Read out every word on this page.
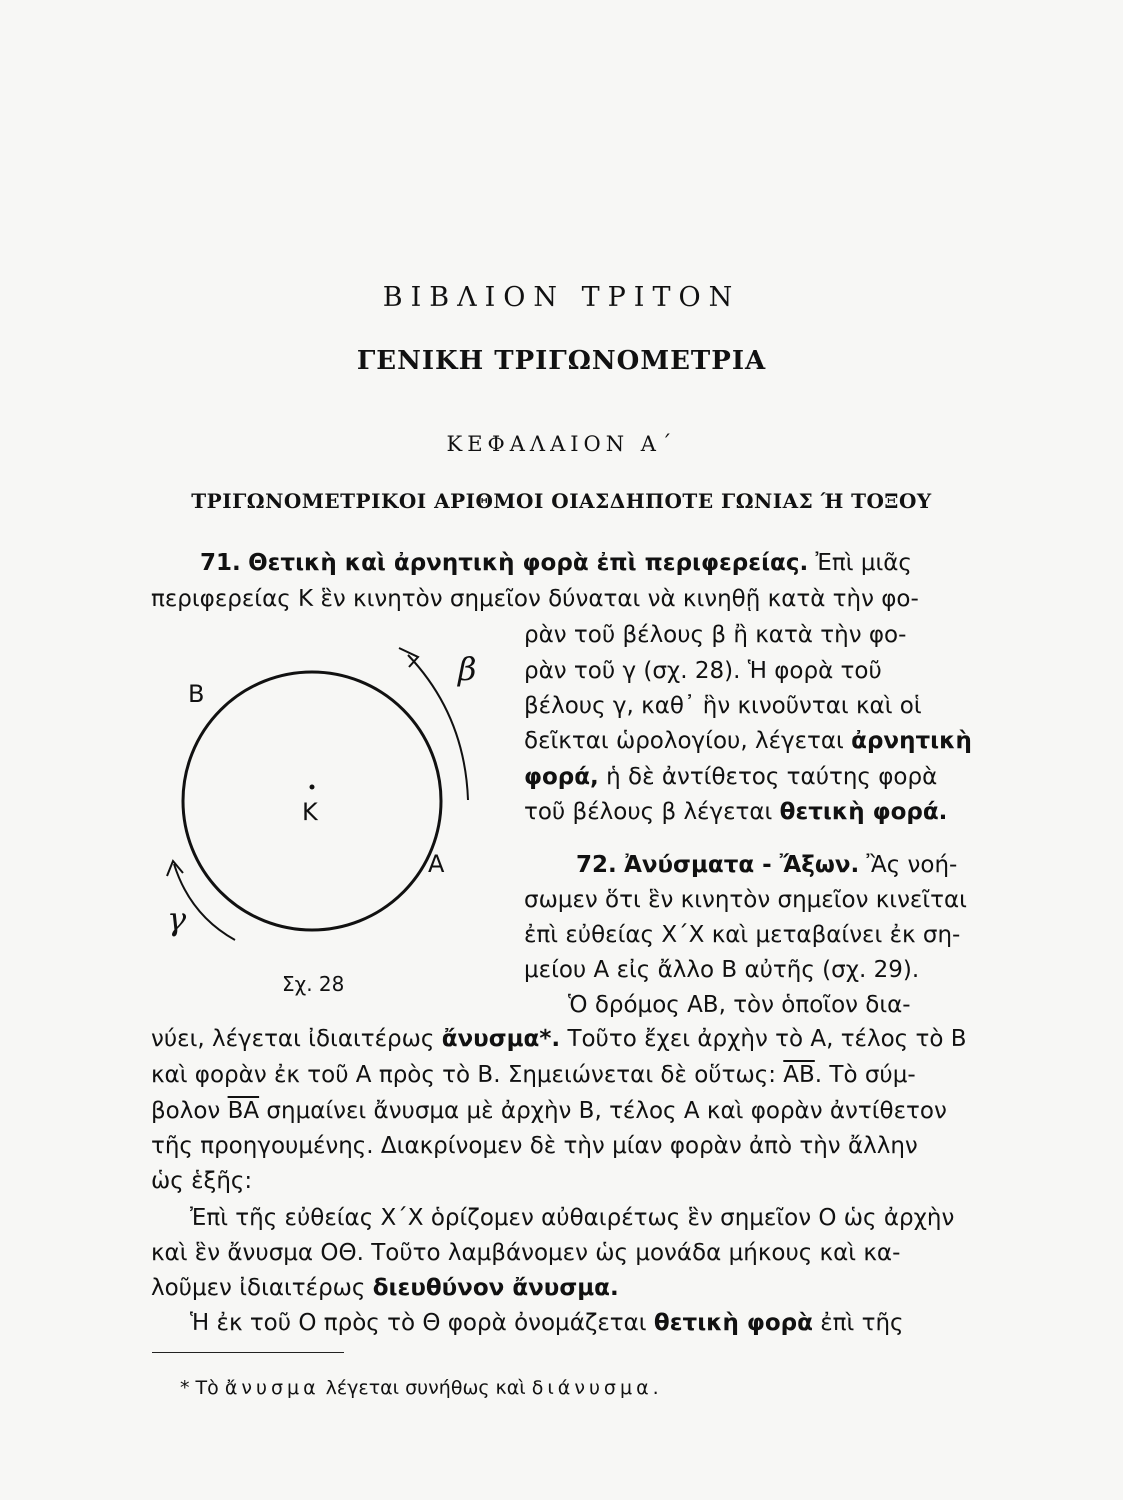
ΒΙΒΛΙΟΝ ΤΡΙΤΟΝ
ΓΕΝΙΚΗ ΤΡΙΓΩΝΟΜΕΤΡΙΑ
ΚΕΦΑΛΑΙΟΝ Α΄
ΤΡΙΓΩΝΟΜΕΤΡΙΚΟΙ ΑΡΙΘΜΟΙ ΟΙΑΣΔΗΠΟΤΕ ΓΩΝΙΑΣ Ή ΤΟΞΟΥ
71. Θετικὴ καὶ ἀρνητικὴ φορὰ ἐπὶ περιφερείας. Ἐπὶ μιᾶς
περιφερείας Κ ἓν κινητὸν σημεῖον δύναται νὰ κινηθῇ κατὰ τὴν φο-
ρὰν τοῦ βέλους β ἢ κατὰ τὴν φο-
ρὰν τοῦ γ (σχ. 28). Ἡ φορὰ τοῦ
βέλους γ, καθ᾽ ἣν κινοῦνται καὶ οἱ
δεῖκται ὡρολογίου, λέγεται ἀρνητικὴ
φορά, ἡ δὲ ἀντίθετος ταύτης φορὰ
τοῦ βέλους β λέγεται θετικὴ φορά.
Β
Κ
Α
β
γ
Σχ. 28
72. Ἀνύσματα - Ἄξων. Ἂς νοή-
σωμεν ὅτι ἓν κινητὸν σημεῖον κινεῖται
ἐπὶ εὐθείας Χ΄Χ καὶ μεταβαίνει ἐκ ση-
μείου Α εἰς ἄλλο Β αὐτῆς (σχ. 29).
Ὁ δρόμος ΑΒ, τὸν ὁποῖον δια-
νύει, λέγεται ἰδιαιτέρως ἄνυσμα*. Τοῦτο ἔχει ἀρχὴν τὸ Α, τέλος τὸ Β
καὶ φορὰν ἐκ τοῦ Α πρὸς τὸ Β. Σημειώνεται δὲ οὕτως: $\overline{AB}$. Τὸ σύμ-
βολον $\overline{BA}$ σημαίνει ἄνυσμα μὲ ἀρχὴν Β, τέλος Α καὶ φορὰν ἀντίθετον
τῆς προηγουμένης. Διακρίνομεν δὲ τὴν μίαν φορὰν ἀπὸ τὴν ἄλλην
ὡς ἑξῆς:
Ἐπὶ τῆς εὐθείας Χ΄Χ ὁρίζομεν αὐθαιρέτως ἓν σημεῖον Ο ὡς ἀρχὴν
καὶ ἓν ἄνυσμα ΟΘ. Τοῦτο λαμβάνομεν ὡς μονάδα μήκους καὶ κα-
λοῦμεν ἰδιαιτέρως διευθύνον ἄνυσμα.
Ἡ ἐκ τοῦ Ο πρὸς τὸ Θ φορὰ ὀνομάζεται θετικὴ φορὰ ἐπὶ τῆς
* Τὸ ἄνυσμα λέγεται συνήθως καὶ διάνυσμα.
